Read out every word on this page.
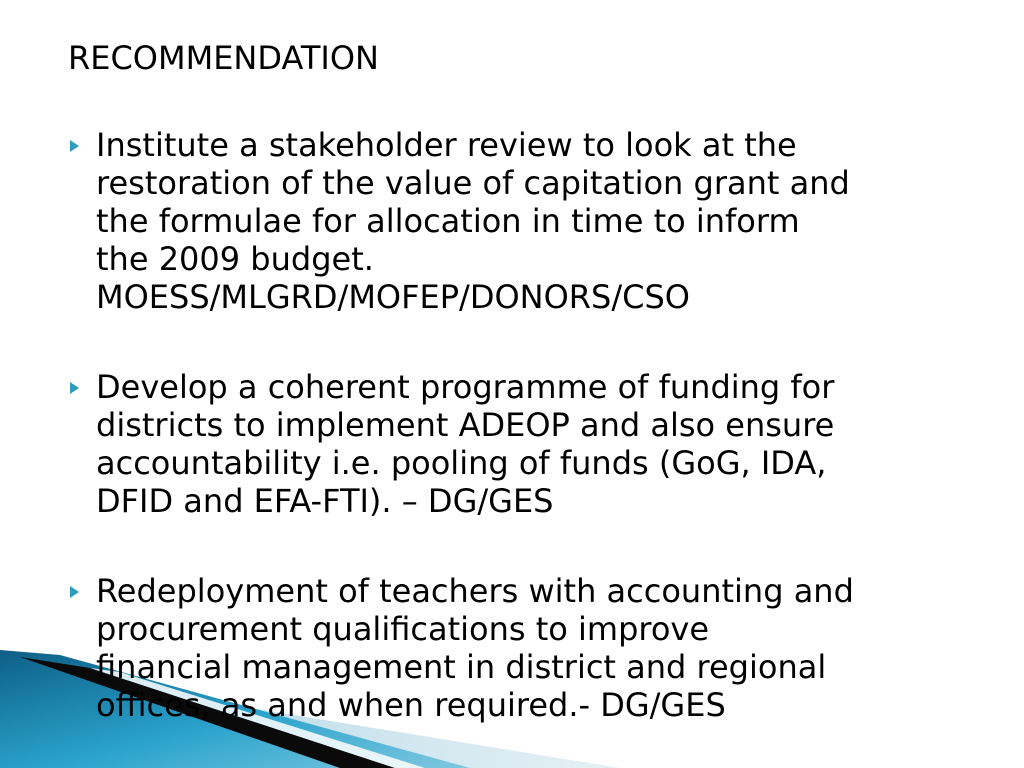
RECOMMENDATION
Institute a stakeholder review to look at the
restoration of the value of capitation grant and
the formulae for allocation in time to inform
the 2009 budget.
MOESS/MLGRD/MOFEP/DONORS/CSO
Develop a coherent programme of funding for
districts to implement ADEOP and also ensure
accountability i.e. pooling of funds (GoG, IDA,
DFID and EFA-FTI). – DG/GES
Redeployment of teachers with accounting and
procurement qualifications to improve
financial management in district and regional
offices, as and when required.- DG/GES
